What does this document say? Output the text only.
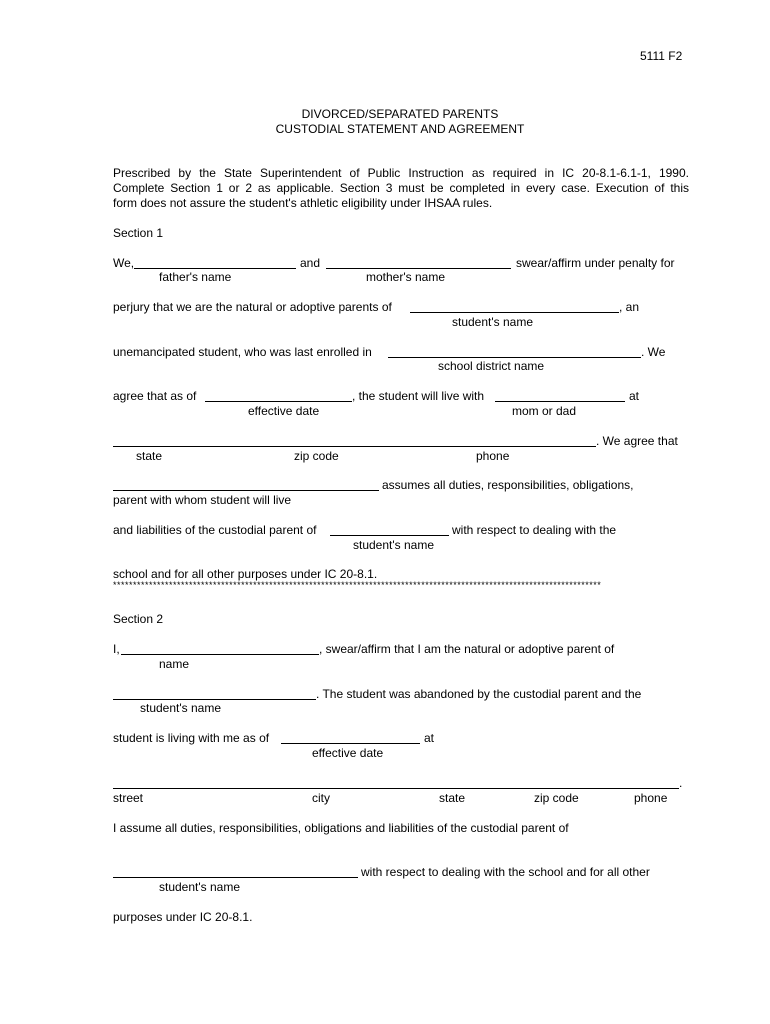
5111 F2
DIVORCED/SEPARATED PARENTS
CUSTODIAL STATEMENT AND AGREEMENT
Prescribed by the State Superintendent of Public Instruction as required in IC 20-8.1-6.1-1, 1990.
Complete Section 1 or 2 as applicable. Section 3 must be completed in every case. Execution of this
form does not assure the student's athletic eligibility under IHSAA rules.
Section 1
We,	and	swear/affirm under penalty for
father's name	mother's name
perjury that we are the natural or adoptive parents of	, an
student's name
unemancipated student, who was last enrolled in	. We
school district name
agree that as of	, the student will live with	at
effective date	mom or dad
. We agree that
state	zip code	phone
assumes all duties, responsibilities, obligations,
parent with whom student will live
and liabilities of the custodial parent of	with respect to dealing with the
student's name
school and for all other purposes under IC 20-8.1.
**************************************************************************************************************************
Section 2
I,	, swear/affirm that I am the natural or adoptive parent of
name
. The student was abandoned by the custodial parent and the
student's name
student is living with me as of	at
effective date
.
street	city	state	zip code	phone
I assume all duties, responsibilities, obligations and liabilities of the custodial parent of
with respect to dealing with the school and for all other
student's name
purposes under IC 20-8.1.
